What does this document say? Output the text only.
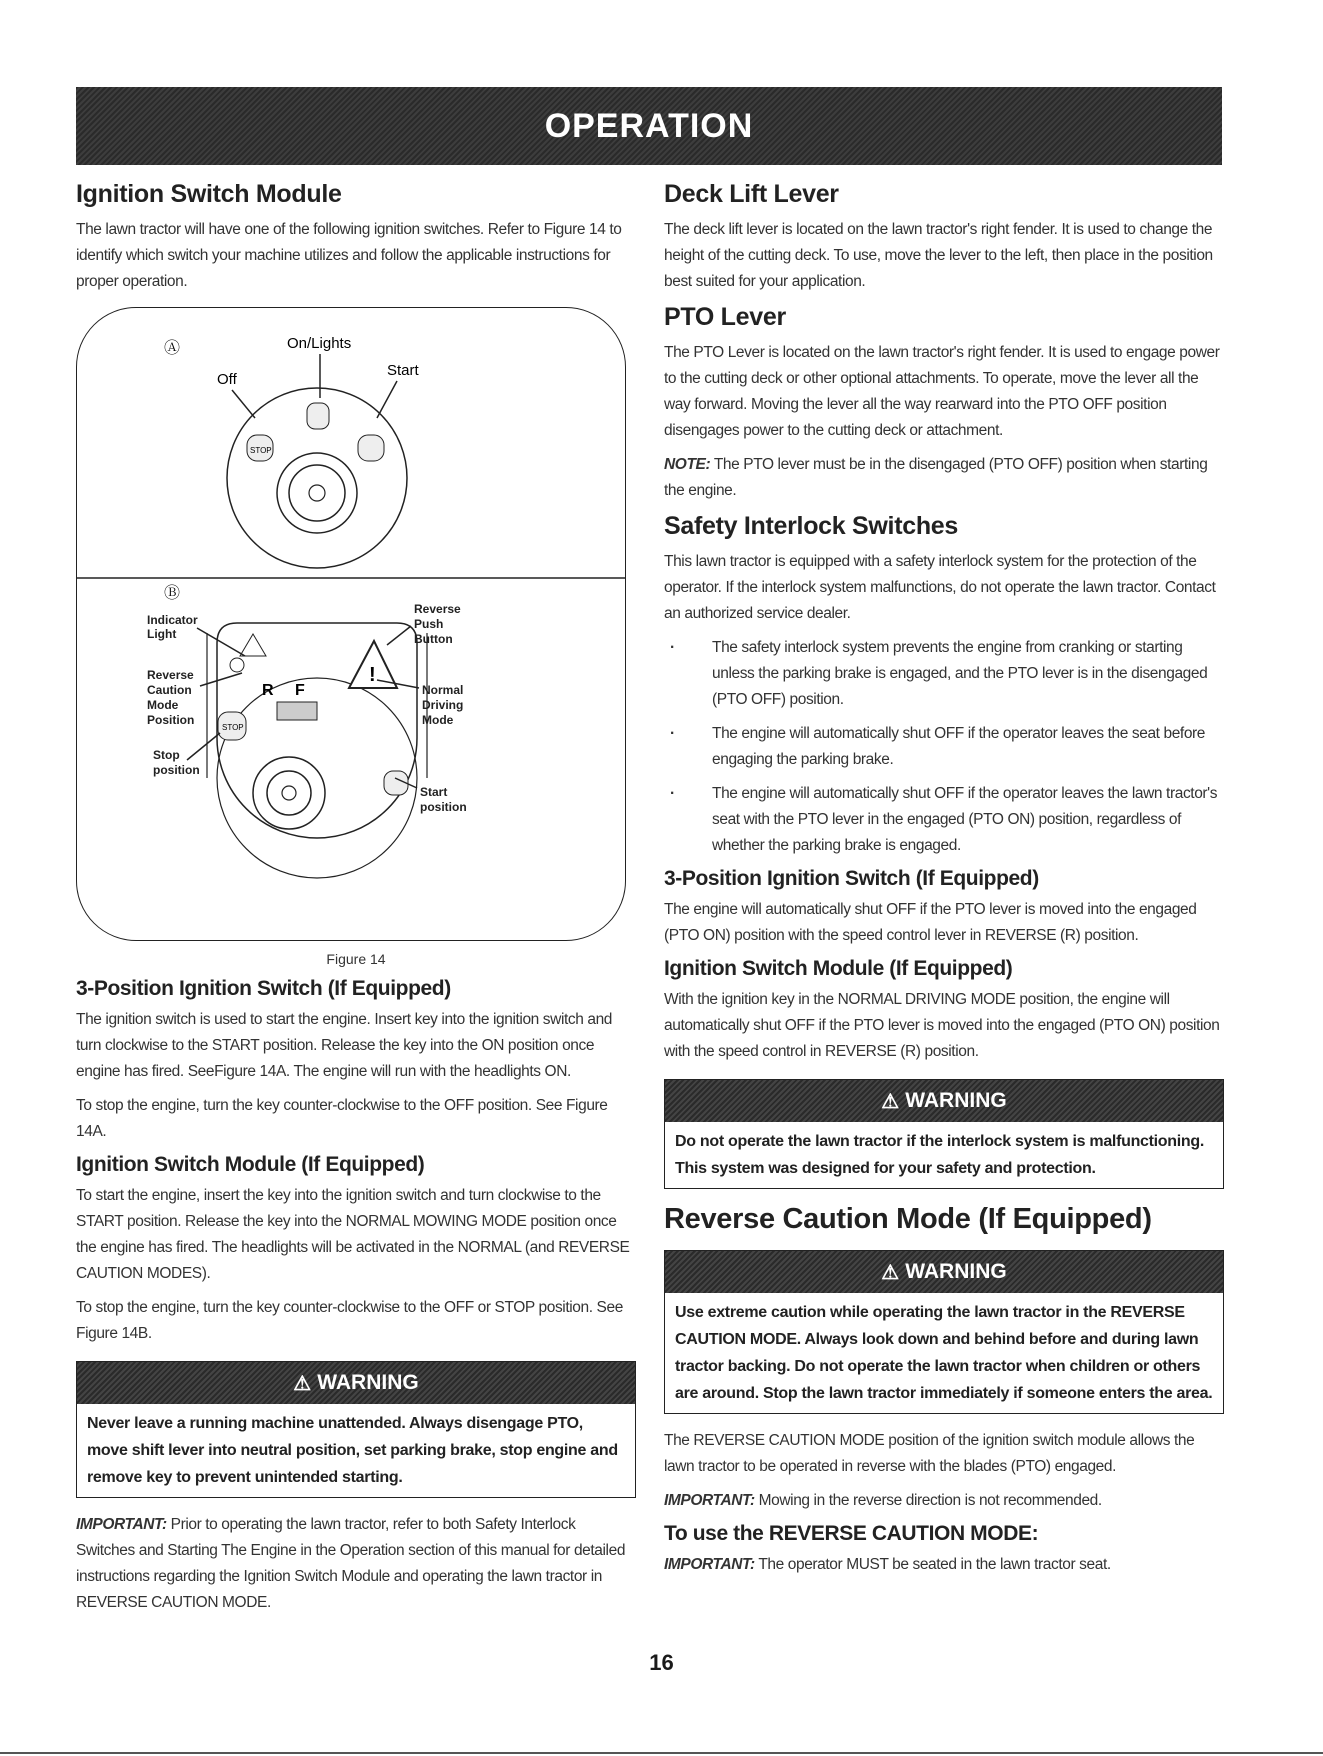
OPERATION
Ignition Switch Module

The lawn tractor will have one of the following ignition switches. Refer to Figure 14 to identify which switch your machine utilizes and follow the applicable instructions for proper operation.

Ⓐ	On/Lights
Off
Start
STOP
Ⓑ
Indicator
Light
Reverse
Caution
Mode
Position
Stop
position
Reverse
Push
Button
Normal
Driving
Mode
Start
position
R F
!
STOP
Figure 14
3-Position Ignition Switch (If Equipped)

The ignition switch is used to start the engine. Insert key into the ignition switch and turn clockwise to the START position. Release the key into the ON position once engine has fired. SeeFigure 14A. The engine will run with the headlights ON.

To stop the engine, turn the key counter-clockwise to the OFF position. See Figure 14A.

Ignition Switch Module (If Equipped)

To start the engine, insert the key into the ignition switch and turn clockwise to the START position. Release the key into the NORMAL MOWING MODE position once the engine has fired. The headlights will be activated in the NORMAL (and REVERSE CAUTION MODES).

To stop the engine, turn the key counter-clockwise to the OFF or STOP position. See Figure 14B.

⚠ WARNING
Never leave a running machine unattended. Always disengage PTO, move shift lever into neutral position, set parking brake, stop engine and remove key to prevent unintended starting.

IMPORTANT: Prior to operating the lawn tractor, refer to both Safety Interlock Switches and Starting The Engine in the Operation section of this manual for detailed instructions regarding the Ignition Switch Module and operating the lawn tractor in REVERSE CAUTION MODE.

Deck Lift Lever

The deck lift lever is located on the lawn tractor's right fender. It is used to change the height of the cutting deck. To use, move the lever to the left, then place in the position best suited for your application.

PTO Lever

The PTO Lever is located on the lawn tractor's right fender. It is used to engage power to the cutting deck or other optional attachments. To operate, move the lever all the way forward. Moving the lever all the way rearward into the PTO OFF position disengages power to the cutting deck or attachment.

NOTE: The PTO lever must be in the disengaged (PTO OFF) position when starting the engine.

Safety Interlock Switches

This lawn tractor is equipped with a safety interlock system for the protection of the operator. If the interlock system malfunctions, do not operate the lawn tractor. Contact an authorized service dealer.

· The safety interlock system prevents the engine from cranking or starting unless the parking brake is engaged, and the PTO lever is in the disengaged (PTO OFF) position.
· The engine will automatically shut OFF if the operator leaves the seat before engaging the parking brake.
· The engine will automatically shut OFF if the operator leaves the lawn tractor's seat with the PTO lever in the engaged (PTO ON) position, regardless of whether the parking brake is engaged.
3-Position Ignition Switch (If Equipped)

The engine will automatically shut OFF if the PTO lever is moved into the engaged (PTO ON) position with the speed control lever in REVERSE (R) position.

Ignition Switch Module (If Equipped)

With the ignition key in the NORMAL DRIVING MODE position, the engine will automatically shut OFF if the PTO lever is moved into the engaged (PTO ON) position with the speed control in REVERSE (R) position.

⚠ WARNING
Do not operate the lawn tractor if the interlock system is malfunctioning. This system was designed for your safety and protection.
Reverse Caution Mode (If Equipped)
⚠ WARNING
Use extreme caution while operating the lawn tractor in the REVERSE CAUTION MODE. Always look down and behind before and during lawn tractor backing. Do not operate the lawn tractor when children or others are around. Stop the lawn tractor immediately if someone enters the area.

The REVERSE CAUTION MODE position of the ignition switch module allows the lawn tractor to be operated in reverse with the blades (PTO) engaged.

IMPORTANT: Mowing in the reverse direction is not recommended.

To use the REVERSE CAUTION MODE:

IMPORTANT: The operator MUST be seated in the lawn tractor seat.

16
